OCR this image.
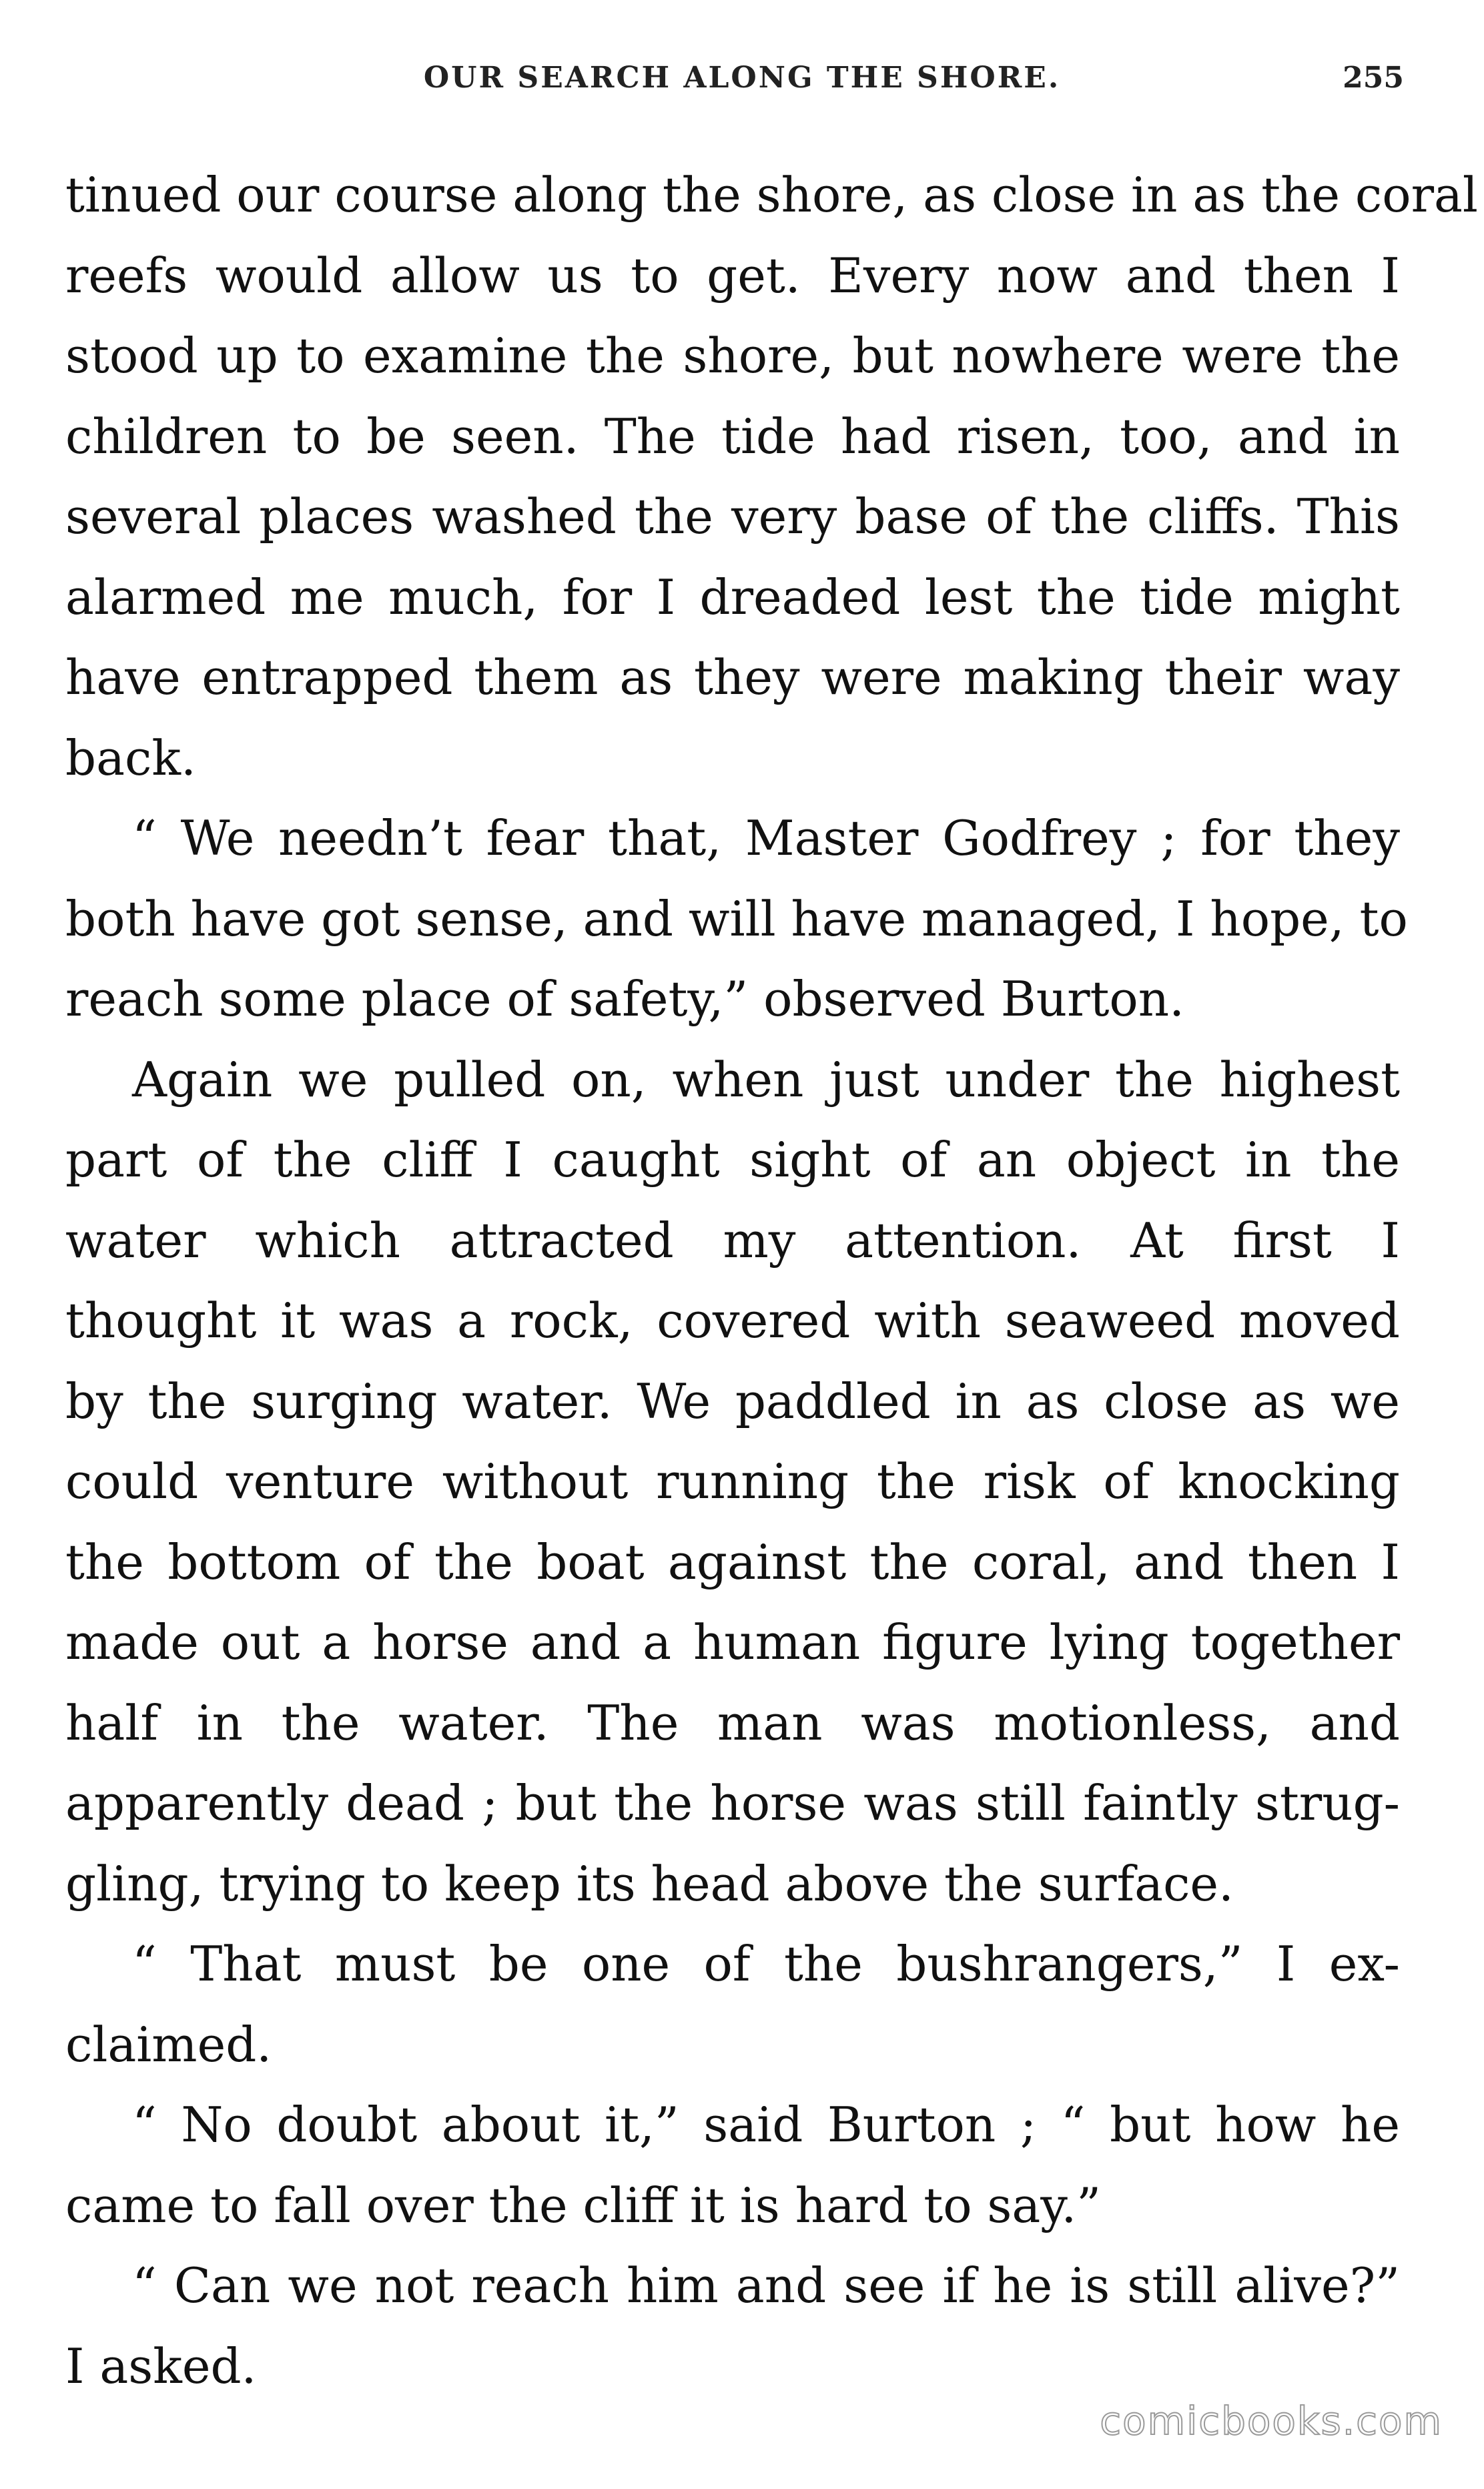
OUR SEARCH ALONG THE SHORE.	255

tinued our course along the shore, as close in as the coral
reefs would allow us to get. Every now and then I
stood up to examine the shore, but nowhere were the
children to be seen. The tide had risen, too, and in
several places washed the very base of the cliffs. This
alarmed me much, for I dreaded lest the tide might
have entrapped them as they were making their way
back.

“ We needn’t fear that, Master Godfrey ; for they
both have got sense, and will have managed, I hope, to
reach some place of safety,” observed Burton.

Again we pulled on, when just under the highest
part of the cliff I caught sight of an object in the
water which attracted my attention. At first I
thought it was a rock, covered with seaweed moved
by the surging water. We paddled in as close as we
could venture without running the risk of knocking
the bottom of the boat against the coral, and then I
made out a horse and a human figure lying together
half in the water. The man was motionless, and
apparently dead ; but the horse was still faintly strug-
gling, trying to keep its head above the surface.

“ That must be one of the bushrangers,” I ex-
claimed.

“ No doubt about it,” said Burton ; “ but how he
came to fall over the cliff it is hard to say.”

“ Can we not reach him and see if he is still alive?”
I asked.

comicbooks.com
